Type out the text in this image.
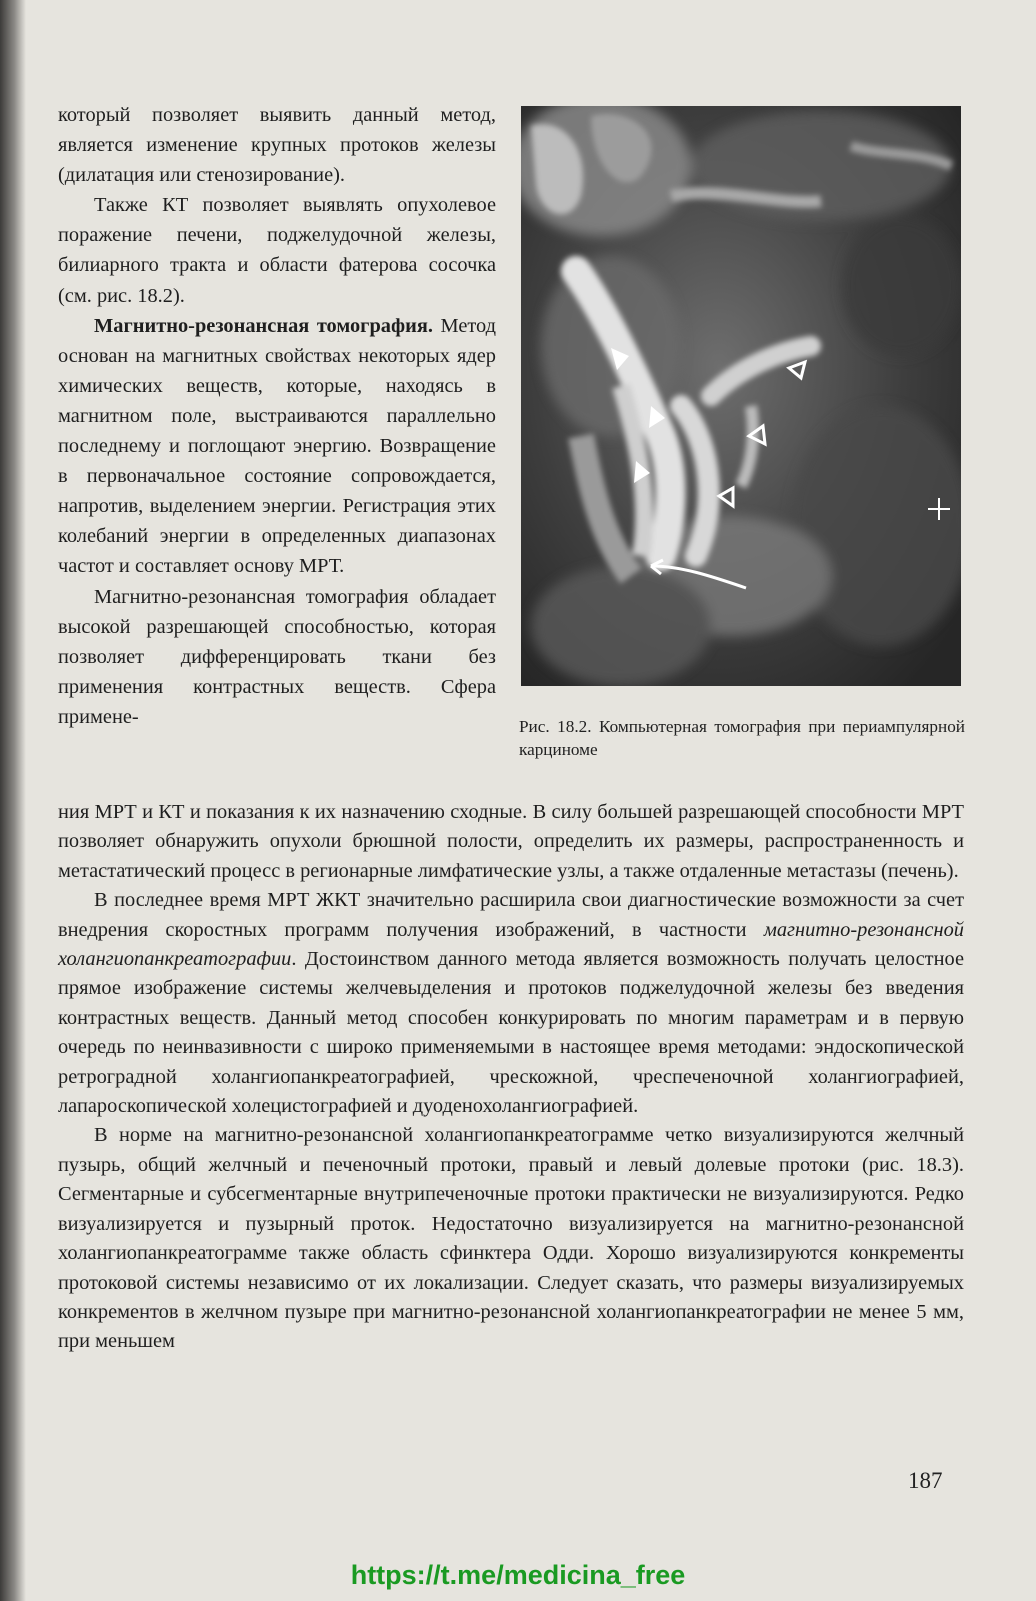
который позволяет выявить данный метод, является изменение крупных протоков железы (дилатация или стенозирование).

Также КТ позволяет выявлять опухолевое поражение печени, поджелудочной железы, билиарного тракта и области фатерова сосочка (см. рис. 18.2).

Магнитно-резонансная томография. Метод основан на магнитных свойствах некоторых ядер химических веществ, которые, находясь в магнитном поле, выстраиваются параллельно последнему и поглощают энергию. Возвращение в первоначальное состояние сопровождается, напротив, выделением энергии. Регистрация этих колебаний энергии в определенных диапазонах частот и составляет основу МРТ.

Магнитно-резонансная томография обладает высокой разрешающей способностью, которая позволяет дифференцировать ткани без применения контрастных веществ. Сфера примене-	Рис. 18.2. Компьютерная томография при периампулярной карциноме

ния МРТ и КТ и показания к их назначению сходные. В силу большей разрешающей способности МРТ позволяет обнаружить опухоли брюшной полости, определить их размеры, распространенность и метастатический процесс в регионарные лимфатические узлы, а также отдаленные метастазы (печень).

В последнее время МРТ ЖКТ значительно расширила свои диагностические возможности за счет внедрения скоростных программ получения изображений, в частности магнитно-резонансной холангиопанкреатографии. Достоинством данного метода является возможность получать целостное прямое изображение системы желчевыделения и протоков поджелудочной железы без введения контрастных веществ. Данный метод способен конкурировать по многим параметрам и в первую очередь по неинвазивности с широко применяемыми в настоящее время методами: эндоскопической ретроградной холангиопанкреатографией, чрескожной, чреспеченочной холангиографией, лапароскопической холецистографией и дуоденохолангиографией.

В норме на магнитно-резонансной холангиопанкреатограмме четко визуализируются желчный пузырь, общий желчный и печеночный протоки, правый и левый долевые протоки (рис. 18.3). Сегментарные и субсегментарные внутрипеченочные протоки практически не визуализируются. Редко визуализируется и пузырный проток. Недостаточно визуализируется на магнитно-резонансной холангиопанкреатограмме также область сфинктера Одди. Хорошо визуализируются конкременты протоковой системы независимо от их локализации. Следует сказать, что размеры визуализируемых конкрементов в желчном пузыре при магнитно-резонансной холангиопанкреатографии не менее 5 мм, при меньшем

187
https://t.me/medicina_free
